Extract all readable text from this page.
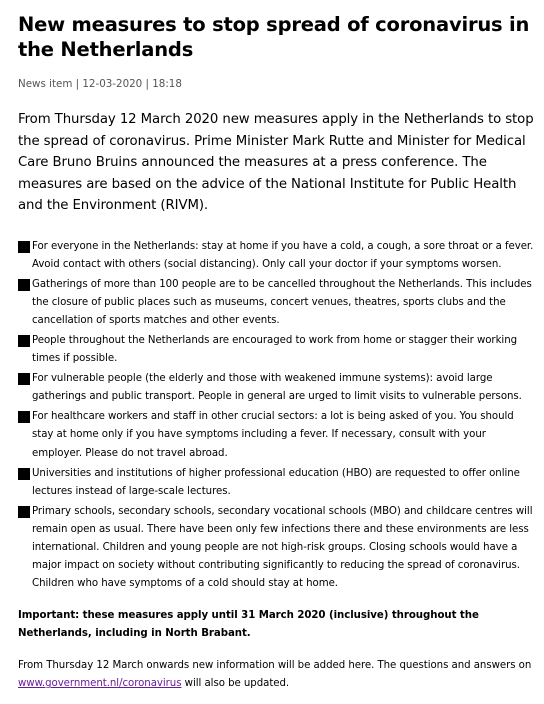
New measures to stop spread of coronavirus in the Netherlands
News item | 12-03-2020 | 18:18

From Thursday 12 March 2020 new measures apply in the Netherlands to stop the spread of coronavirus. Prime Minister Mark Rutte and Minister for Medical Care Bruno Bruins announced the measures at a press conference. The measures are based on the advice of the National Institute for Public Health and the Environment (RIVM).

For everyone in the Netherlands: stay at home if you have a cold, a cough, a sore throat or a fever. Avoid contact with others (social distancing). Only call your doctor if your symptoms worsen.
Gatherings of more than 100 people are to be cancelled throughout the Netherlands. This includes the closure of public places such as museums, concert venues, theatres, sports clubs and the cancellation of sports matches and other events.
People throughout the Netherlands are encouraged to work from home or stagger their working times if possible.
For vulnerable people (the elderly and those with weakened immune systems): avoid large gatherings and public transport. People in general are urged to limit visits to vulnerable persons.
For healthcare workers and staff in other crucial sectors: a lot is being asked of you. You should stay at home only if you have symptoms including a fever. If necessary, consult with your employer. Please do not travel abroad.
Universities and institutions of higher professional education (HBO) are requested to offer online lectures instead of large-scale lectures.
Primary schools, secondary schools, secondary vocational schools (MBO) and childcare centres will remain open as usual. There have been only few infections there and these environments are less international. Children and young people are not high-risk groups. Closing schools would have a major impact on society without contributing significantly to reducing the spread of coronavirus. Children who have symptoms of a cold should stay at home.

Important: these measures apply until 31 March 2020 (inclusive) throughout the Netherlands, including in North Brabant.

From Thursday 12 March onwards new information will be added here. The questions and answers on www.government.nl/coronavirus will also be updated.
